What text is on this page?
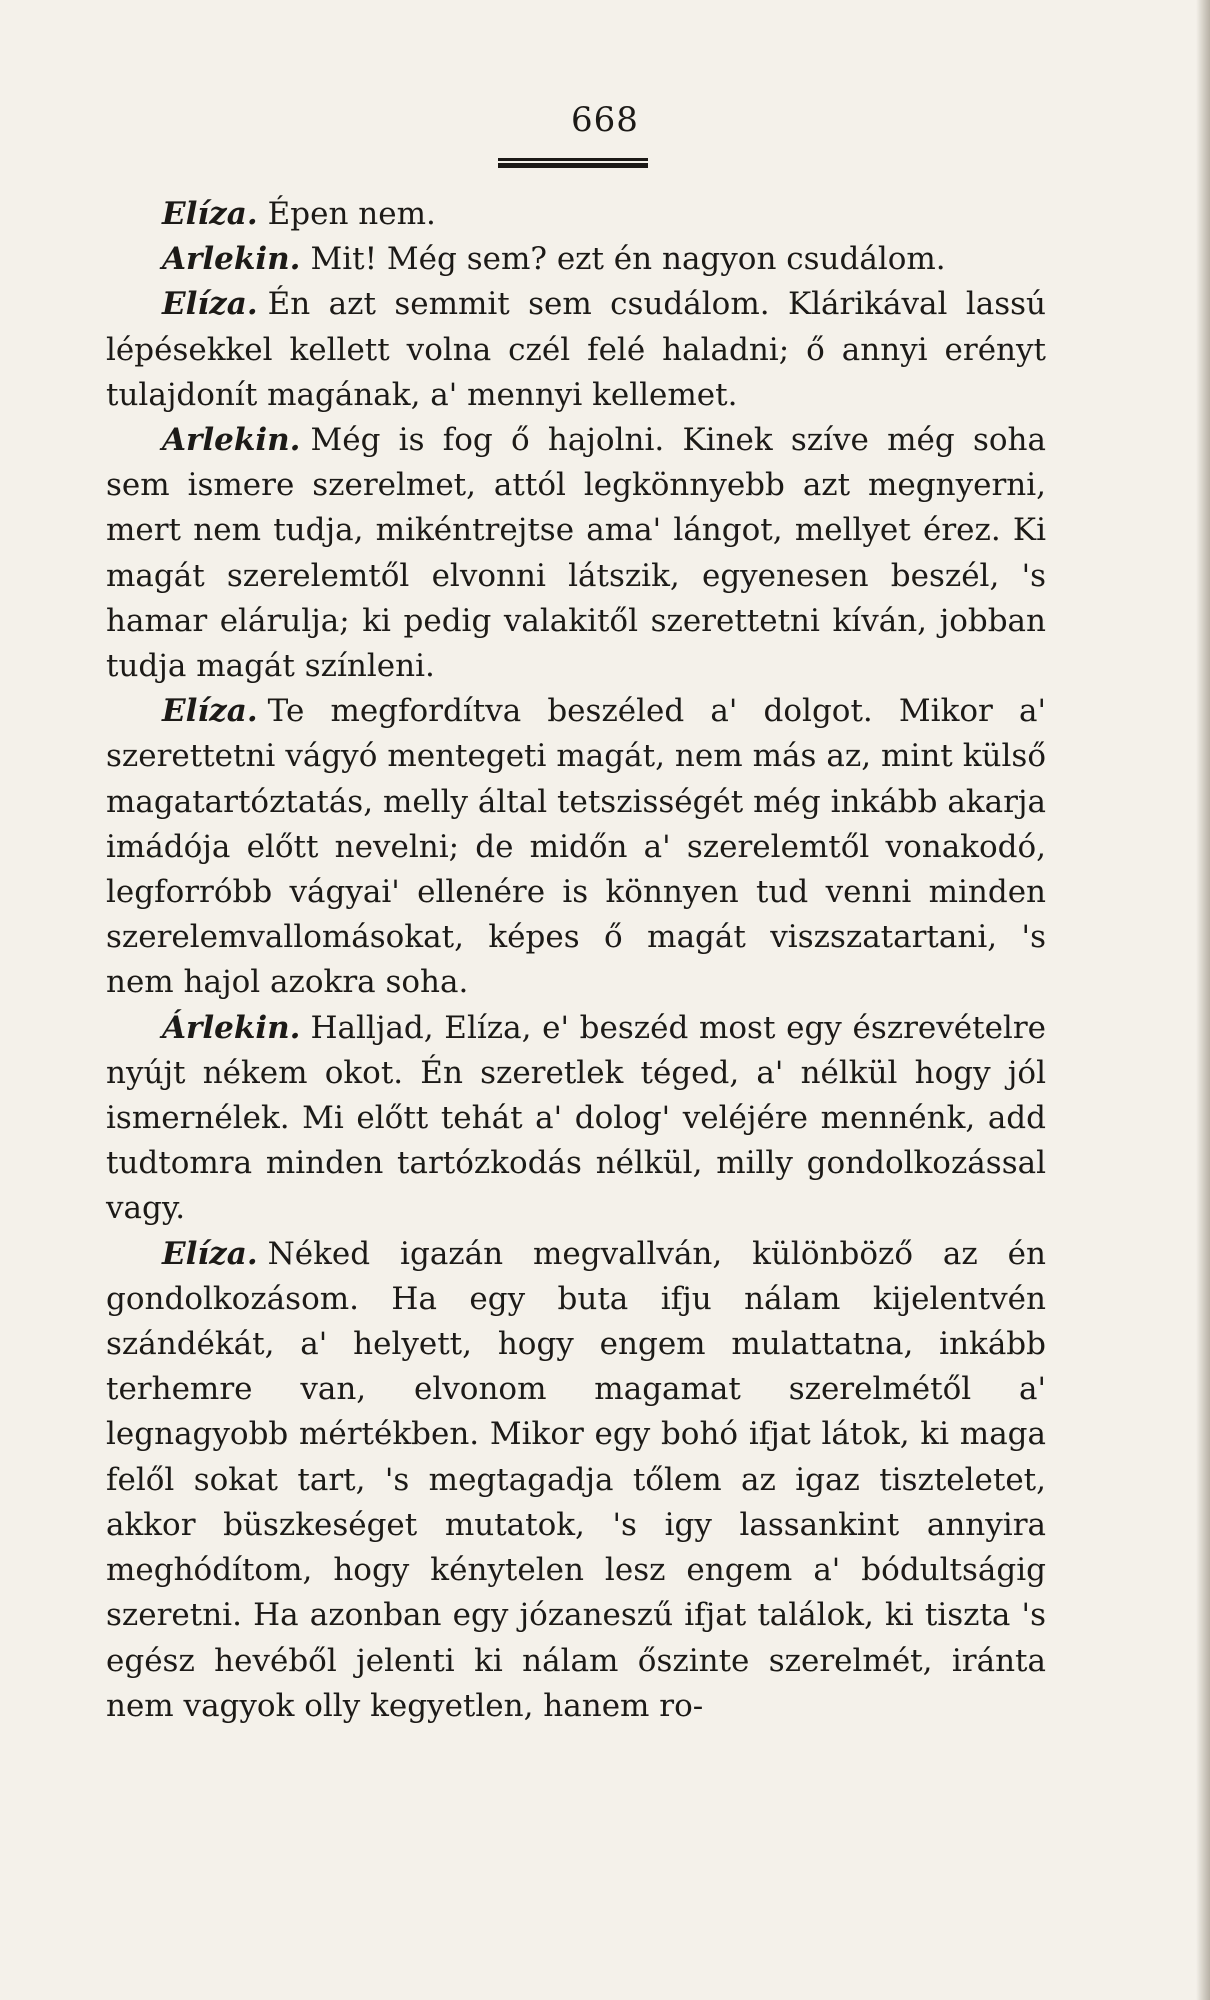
668

Elíza. Épen nem.

Arlekin. Mit! Még sem? ezt én nagyon csudálom.

Elíza. Én azt semmit sem csudálom. Klárikával lassú lépésekkel kellett volna czél felé haladni; ő annyi erényt tulajdonít magának, a' mennyi kellemet.

Arlekin. Még is fog ő hajolni. Kinek szíve még soha sem ismere szerelmet, attól legkönnyebb azt megnyerni, mert nem tudja, mikéntrejtse ama' lángot, mellyet érez. Ki magát szerelemtől elvonni látszik, egyenesen beszél, 's hamar elárulja; ki pedig valakitől szerettetni kíván, jobban tudja magát színleni.

Elíza. Te megfordítva beszéled a' dolgot. Mikor a' szerettetni vágyó mentegeti magát, nem más az, mint külső magatartóztatás, melly által tetszisségét még inkább akarja imádója előtt nevelni; de midőn a' szerelemtől vonakodó, legforróbb vágyai' ellenére is könnyen tud venni minden szerelemvallomásokat, képes ő magát viszszatartani, 's nem hajol azokra soha.

Árlekin. Halljad, Elíza, e' beszéd most egy észrevételre nyújt nékem okot. Én szeretlek téged, a' nélkül hogy jól ismernélek. Mi előtt tehát a' dolog' veléjére mennénk, add tudtomra minden tartózkodás nélkül, milly gondolkozással vagy.

Elíza. Néked igazán megvallván, különböző az én gondolkozásom. Ha egy buta ifju nálam kijelentvén szándékát, a' helyett, hogy engem mulattatna, inkább terhemre van, elvonom magamat szerelmétől a' legnagyobb mértékben. Mikor egy bohó ifjat látok, ki maga felől sokat tart, 's megtagadja tőlem az igaz tiszteletet, akkor büszkeséget mutatok, 's igy lassankint annyira meghódítom, hogy kénytelen lesz engem a' bódultságig szeretni. Ha azonban egy józaneszű ifjat találok, ki tiszta 's egész hevéből jelenti ki nálam őszinte szerelmét, iránta nem vagyok olly kegyetlen, hanem ro-
